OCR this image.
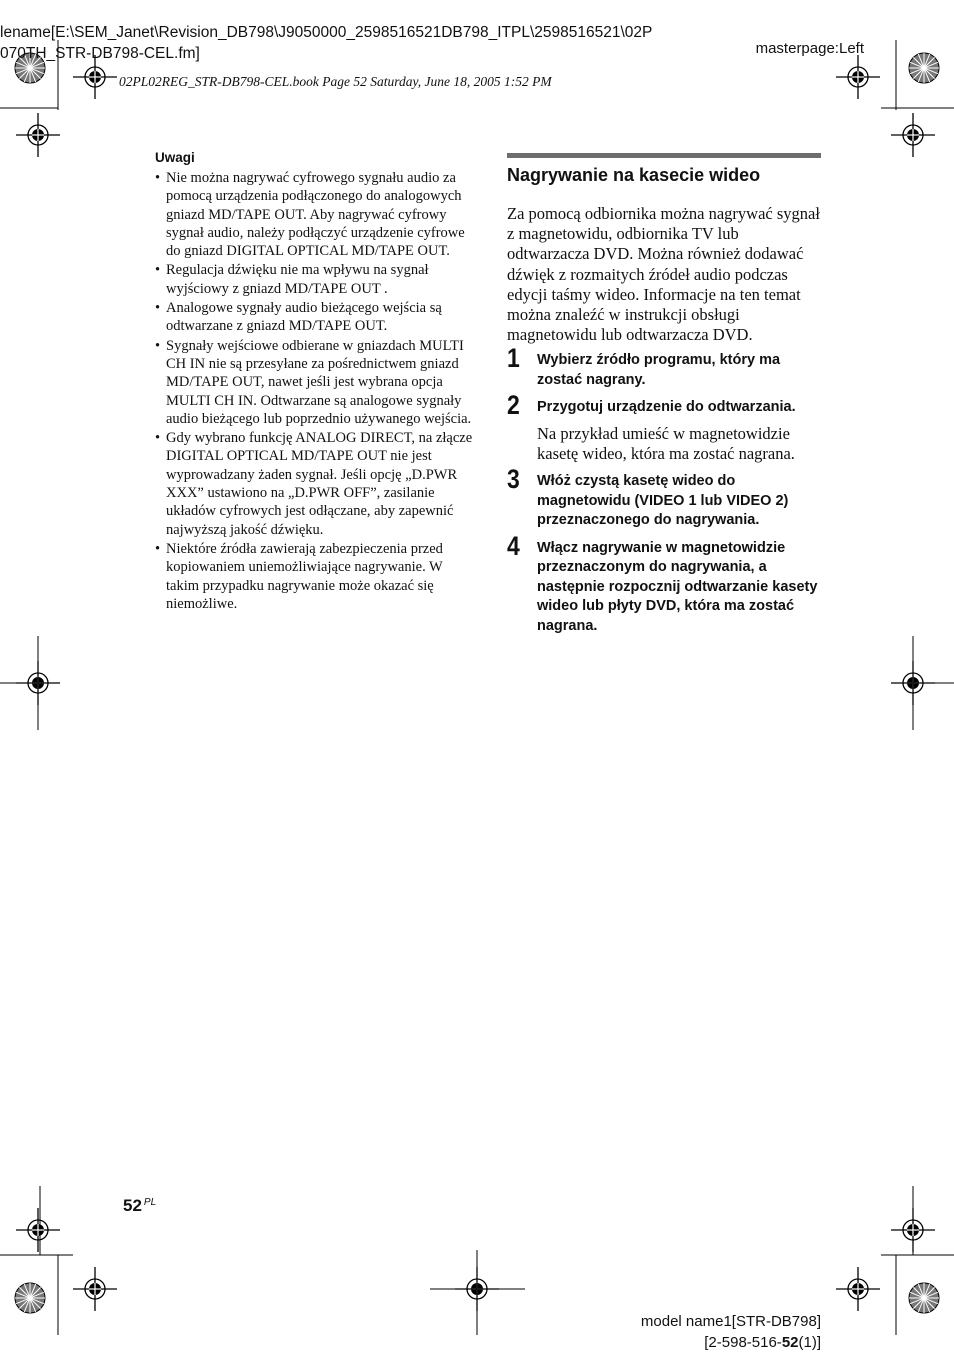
lename[E:\SEM_Janet\Revision_DB798\J9050000_2598516521DB798_ITPL\2598516521\02P
070TH_STR-DB798-CEL.fm]	masterpage:Left
02PL02REG_STR-DB798-CEL.book Page 52 Saturday, June 18, 2005 1:52 PM
Uwagi
• Nie można nagrywać cyfrowego sygnału audio za pomocą urządzenia podłączonego do analogowych gniazd MD/TAPE OUT. Aby nagrywać cyfrowy sygnał audio, należy podłączyć urządzenie cyfrowe do gniazd DIGITAL OPTICAL MD/TAPE OUT.
• Regulacja dźwięku nie ma wpływu na sygnał wyjściowy z gniazd MD/TAPE OUT .
• Analogowe sygnały audio bieżącego wejścia są odtwarzane z gniazd MD/TAPE OUT.
• Sygnały wejściowe odbierane w gniazdach MULTI CH IN nie są przesyłane za pośrednictwem gniazd MD/TAPE OUT, nawet jeśli jest wybrana opcja MULTI CH IN. Odtwarzane są analogowe sygnały audio bieżącego lub poprzednio używanego wejścia.
• Gdy wybrano funkcję ANALOG DIRECT, na złącze DIGITAL OPTICAL MD/TAPE OUT nie jest wyprowadzany żaden sygnał. Jeśli opcję „D.PWR XXX” ustawiono na „D.PWR OFF”, zasilanie układów cyfrowych jest odłączane, aby zapewnić najwyższą jakość dźwięku.
• Niektóre źródła zawierają zabezpieczenia przed kopiowaniem uniemożliwiające nagrywanie. W takim przypadku nagrywanie może okazać się niemożliwe.
Nagrywanie na kasecie wideo

Za pomocą odbiornika można nagrywać sygnał z magnetowidu, odbiornika TV lub odtwarzacza DVD. Można również dodawać dźwięk z rozmaitych źródeł audio podczas edycji taśmy wideo. Informacje na ten temat można znaleźć w instrukcji obsługi magnetowidu lub odtwarzacza DVD.

1 Wybierz źródło programu, który ma zostać nagrany.
2 Przygotuj urządzenie do odtwarzania.
Na przykład umieść w magnetowidzie kasetę wideo, która ma zostać nagrana.
3 Włóż czystą kasetę wideo do magnetowidu (VIDEO 1 lub VIDEO 2) przeznaczonego do nagrywania.
4 Włącz nagrywanie w magnetowidzie przeznaczonym do nagrywania, a następnie rozpocznij odtwarzanie kasety wideo lub płyty DVD, która ma zostać nagrana.
52 $^{PL}$
model name1[STR-DB798]
[2-598-516-52(1)]
